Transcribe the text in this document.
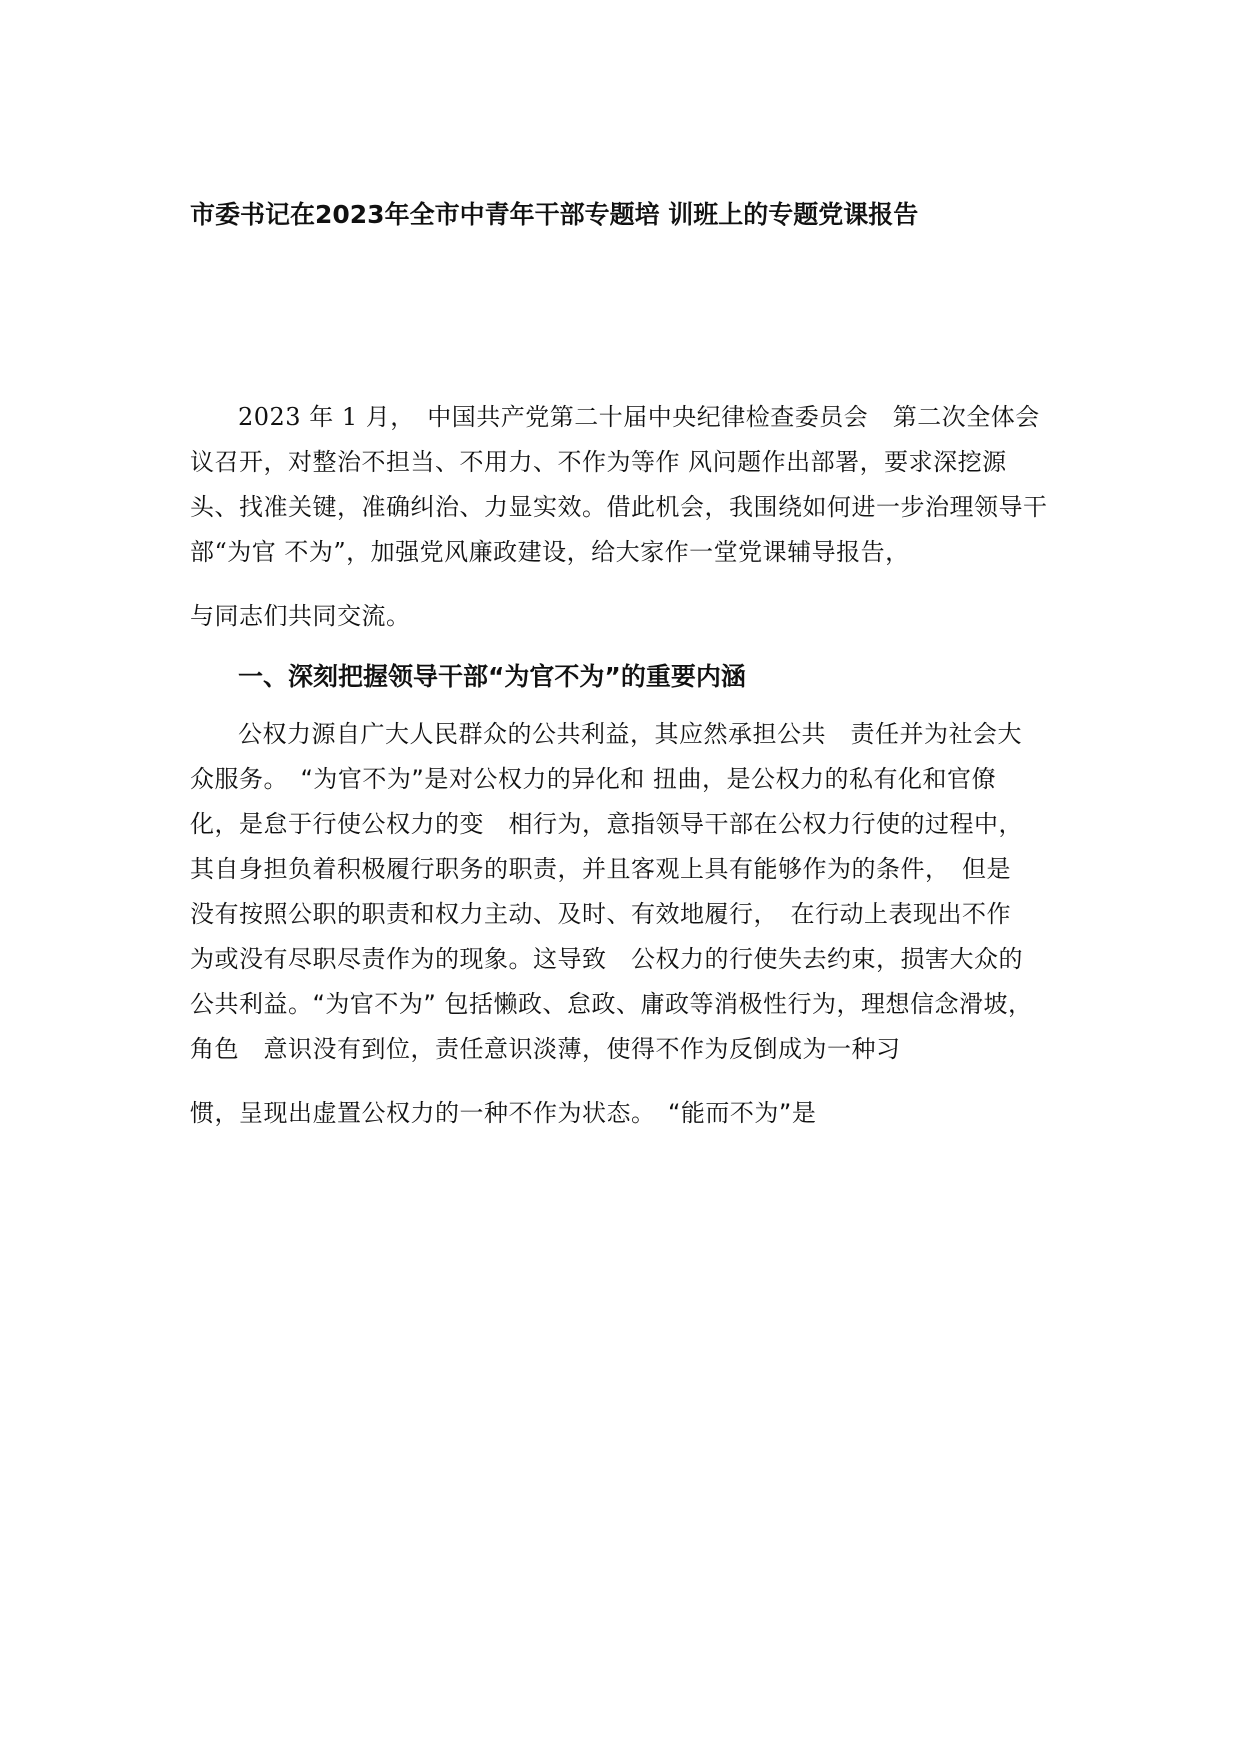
市委书记在2023年全市中青年干部专题培 训班上的专题党课报告
2023 年 1 月，　中国共产党第二十届中央纪律检查委员会　第二次全体会
议召开，对整治不担当、不用力、不作为等作 风问题作出部署，要求深挖源
头、找准关键，准确纠治、力显实效。借此机会，我围绕如何进一步治理领导干
部“为官 不为”，加强党风廉政建设，给大家作一堂党课辅导报告，
与同志们共同交流。
一、深刻把握领导干部“为官不为”的重要内涵
公权力源自广大人民群众的公共利益，其应然承担公共　责任并为社会大
众服务。　“为官不为”是对公权力的异化和 扭曲，是公权力的私有化和官僚
化，是怠于行使公权力的变　相行为，意指领导干部在公权力行使的过程中，
其自身担负着积极履行职务的职责，并且客观上具有能够作为的条件，　但是
没有按照公职的职责和权力主动、及时、有效地履行，　在行动上表现出不作
为或没有尽职尽责作为的现象。这导致　公权力的行使失去约束，损害大众的
公共利益。“为官不为” 包括懒政、怠政、庸政等消极性行为，理想信念滑坡，
角色　意识没有到位，责任意识淡薄，使得不作为反倒成为一种习
惯，呈现出虚置公权力的一种不作为状态。　“能而不为”是
